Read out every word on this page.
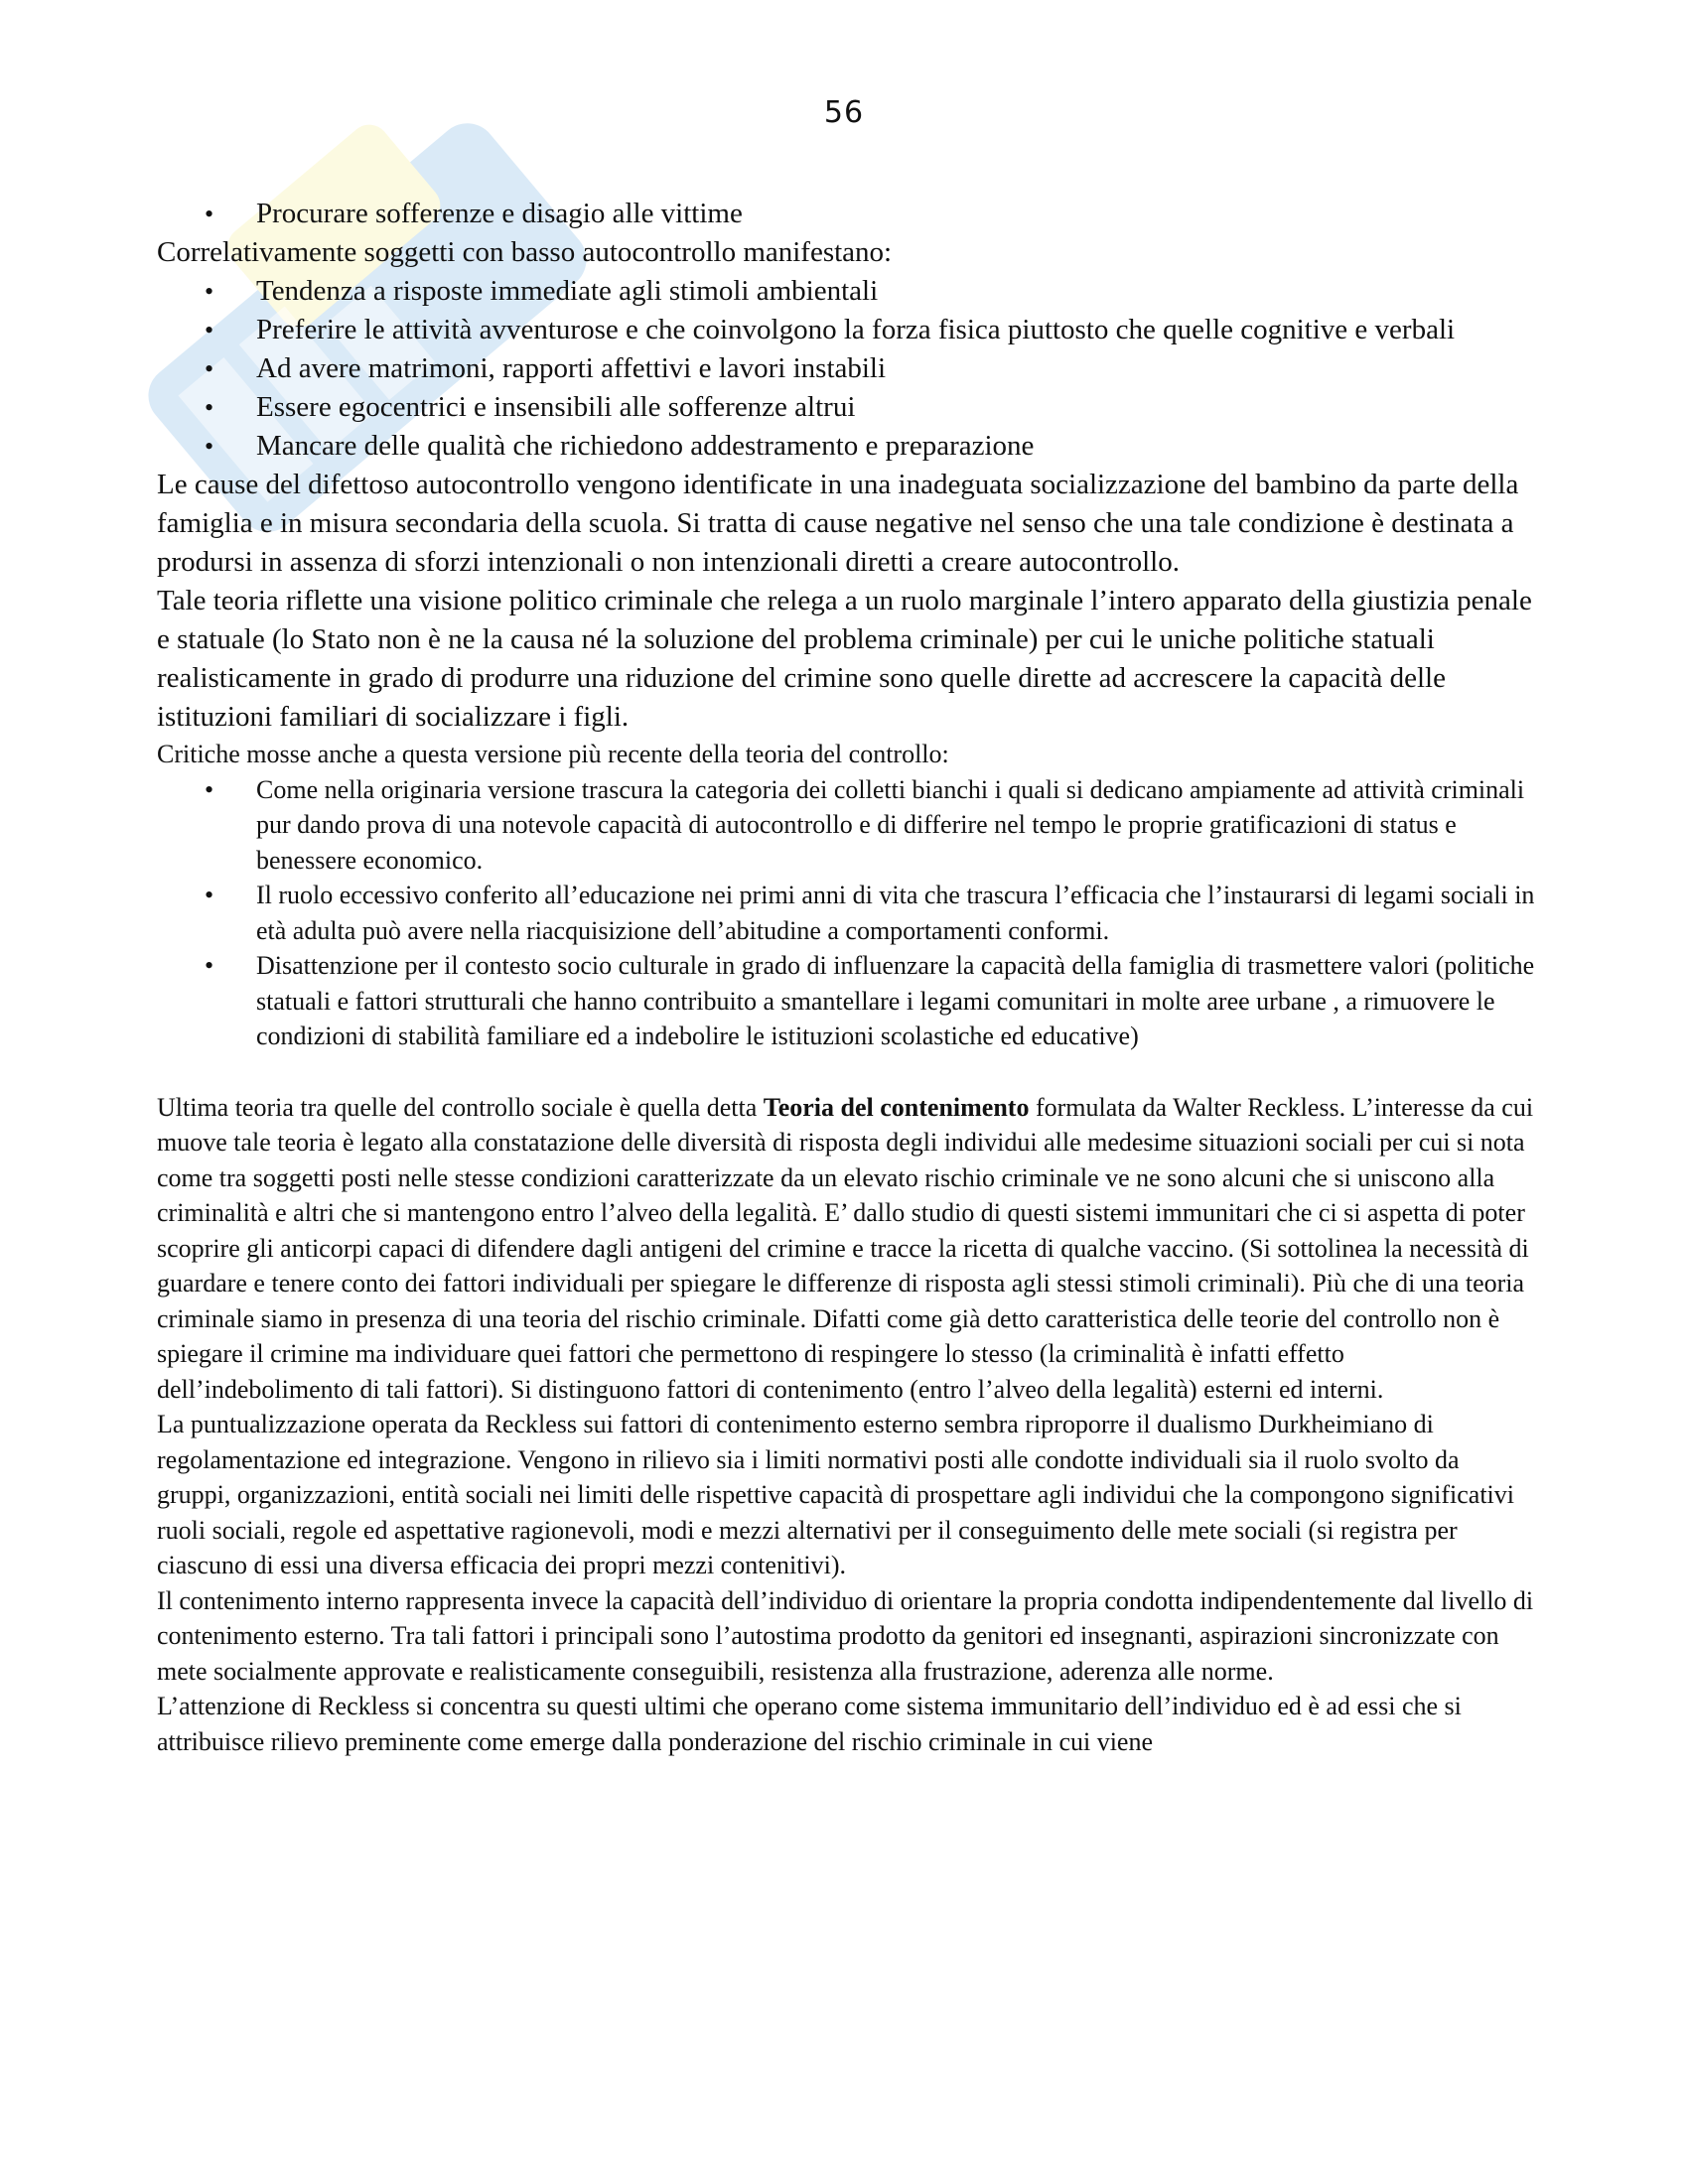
56
• Procurare sofferenze e disagio alle vittime

Correlativamente soggetti con basso autocontrollo manifestano:

• Tendenza a risposte immediate agli stimoli ambientali
• Preferire le attività avventurose e che coinvolgono la forza fisica piuttosto che quelle cognitive e verbali
• Ad avere matrimoni, rapporti affettivi e lavori instabili
• Essere egocentrici e insensibili alle sofferenze altrui
• Mancare delle qualità che richiedono addestramento e preparazione

Le cause del difettoso autocontrollo vengono identificate in una inadeguata socializzazione del bambino da parte della famiglia e in misura secondaria della scuola. Si tratta di cause negative nel senso che una tale condizione è destinata a prodursi in assenza di sforzi intenzionali o non intenzionali diretti a creare autocontrollo.

Tale teoria riflette una visione politico criminale che relega a un ruolo marginale l’intero apparato della giustizia penale e statuale (lo Stato non è ne la causa né la soluzione del problema criminale) per cui le uniche politiche statuali realisticamente in grado di produrre una riduzione del crimine sono quelle dirette ad accrescere la capacità delle istituzioni familiari di socializzare i figli.

Critiche mosse anche a questa versione più recente della teoria del controllo:

• Come nella originaria versione trascura la categoria dei colletti bianchi i quali si dedicano ampiamente ad attività criminali pur dando prova di una notevole capacità di autocontrollo e di differire nel tempo le proprie gratificazioni di status e benessere economico.
• Il ruolo eccessivo conferito all’educazione nei primi anni di vita che trascura l’efficacia che l’instaurarsi di legami sociali in età adulta può avere nella riacquisizione dell’abitudine a comportamenti conformi.
• Disattenzione per il contesto socio culturale in grado di influenzare la capacità della famiglia di trasmettere valori (politiche statuali e fattori strutturali che hanno contribuito a smantellare i legami comunitari in molte aree urbane , a rimuovere le condizioni di stabilità familiare ed a indebolire le istituzioni scolastiche ed educative)

Ultima teoria tra quelle del controllo sociale è quella detta Teoria del contenimento formulata da Walter Reckless. L’interesse da cui muove tale teoria è legato alla constatazione delle diversità di risposta degli individui alle medesime situazioni sociali per cui si nota come tra soggetti posti nelle stesse condizioni caratterizzate da un elevato rischio criminale ve ne sono alcuni che si uniscono alla criminalità e altri che si mantengono entro l’alveo della legalità. E’ dallo studio di questi sistemi immunitari che ci si aspetta di poter scoprire gli anticorpi capaci di difendere dagli antigeni del crimine e tracce la ricetta di qualche vaccino. (Si sottolinea la necessità di guardare e tenere conto dei fattori individuali per spiegare le differenze di risposta agli stessi stimoli criminali). Più che di una teoria criminale siamo in presenza di una teoria del rischio criminale. Difatti come già detto caratteristica delle teorie del controllo non è spiegare il crimine ma individuare quei fattori che permettono di respingere lo stesso (la criminalità è infatti effetto dell’indebolimento di tali fattori). Si distinguono fattori di contenimento (entro l’alveo della legalità) esterni ed interni.

La puntualizzazione operata da Reckless sui fattori di contenimento esterno sembra riproporre il dualismo Durkheimiano di regolamentazione ed integrazione. Vengono in rilievo sia i limiti normativi posti alle condotte individuali sia il ruolo svolto da gruppi, organizzazioni, entità sociali nei limiti delle rispettive capacità di prospettare agli individui che la compongono significativi ruoli sociali, regole ed aspettative ragionevoli, modi e mezzi alternativi per il conseguimento delle mete sociali (si registra per ciascuno di essi una diversa efficacia dei propri mezzi contenitivi).

Il contenimento interno rappresenta invece la capacità dell’individuo di orientare la propria condotta indipendentemente dal livello di contenimento esterno. Tra tali fattori i principali sono l’autostima prodotto da genitori ed insegnanti, aspirazioni sincronizzate con mete socialmente approvate e realisticamente conseguibili, resistenza alla frustrazione, aderenza alle norme.

L’attenzione di Reckless si concentra su questi ultimi che operano come sistema immunitario dell’individuo ed è ad essi che si attribuisce rilievo preminente come emerge dalla ponderazione del rischio criminale in cui viene
